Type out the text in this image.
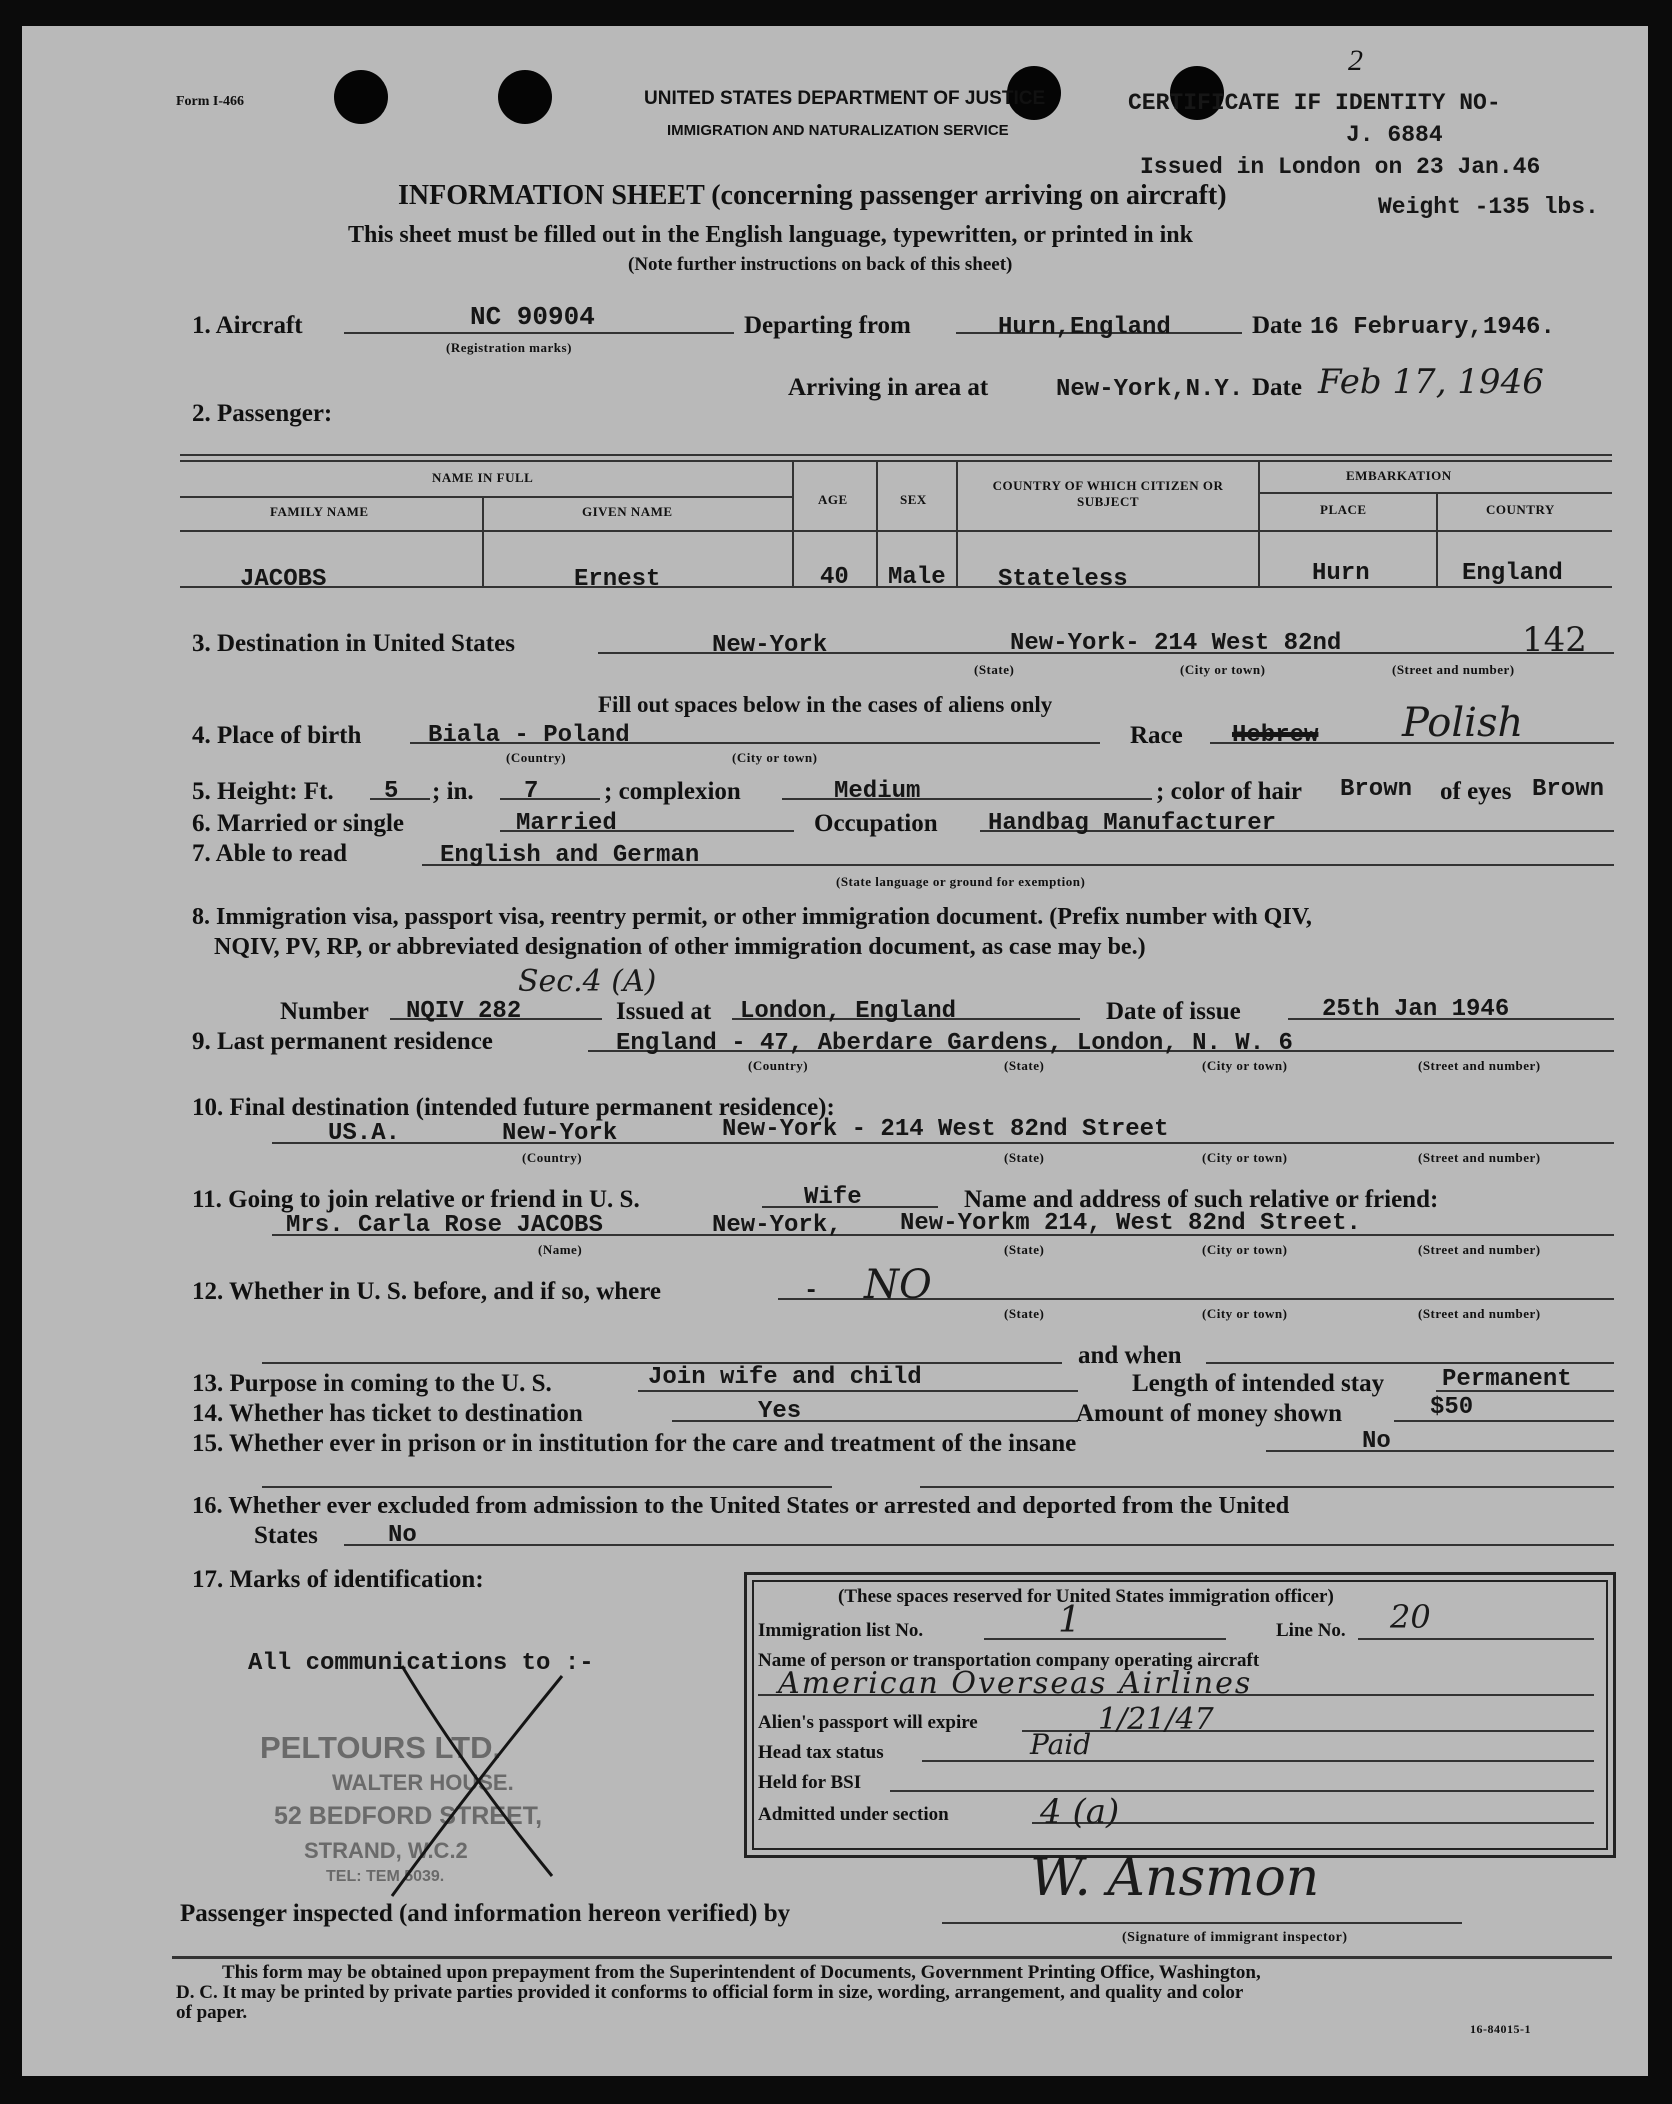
Form I-466	UNITED STATES DEPARTMENT OF JUSTICE
IMMIGRATION AND NATURALIZATION SERVICE
2
CERTIFICATE IF IDENTITY NO-
J. 6884
Issued in London on 23 Jan.46
Weight -135 lbs.
INFORMATION SHEET (concerning passenger arriving on aircraft)
This sheet must be filled out in the English language, typewritten, or printed in ink
(Note further instructions on back of this sheet)
1. Aircraft	NC 90904
(Registration marks)
Departing from	Hurn,England	Date 16 February,1946.
Arriving in area at	New-York,N.Y. Date Feb 17, 1946
2. Passenger:
NAME IN FULL
FAMILY NAME	GIVEN NAME
AGE	SEX
COUNTRY OF WHICH CITIZEN OR SUBJECT
EMBARKATION
PLACE	COUNTRY
JACOBS	Ernest	40 Male Stateless	Hurn	England
3. Destination in United States	New-York	New-York- 214 West 82nd	142
(State)	(City or town)	(Street and number)
Fill out spaces below in the cases of aliens only
4. Place of birth	Biala - Poland
(Country)	(City or town)
Race Hebrew Polish
5. Height: Ft. 5 ; in. 7	; complexion	Medium	; color of hair Brown of eyes Brown
6. Married or single	Married	Occupation Handbag Manufacturer
7. Able to read	English and German
(State language or ground for exemption)
8. Immigration visa, passport visa, reentry permit, or other immigration document. (Prefix number with QIV,
NQIV, PV, RP, or abbreviated designation of other immigration document, as case may be.)
Sec.4 (A)
Number NQIV 282	Issued at London, England	Date of issue	25th Jan 1946
9. Last permanent residence	England - 47, Aberdare Gardens, London, N. W. 6
(Country)	(State)	(City or town)	(Street and number)
10. Final destination (intended future permanent residence):
US.A.	New-York	New-York - 214 West 82nd Street
(Country)	(State)	(City or town)	(Street and number)
11. Going to join relative or friend in U. S.	Wife	Name and address of such relative or friend:
Mrs. Carla Rose JACOBS	New-York, New-Yorkm 214, West 82nd Street.
(Name)	(State)	(City or town)	(Street and number)
12. Whether in U. S. before, and if so, where	- NO
(State)	(City or town)	(Street and number)
and when
13. Purpose in coming to the U. S.	Join wife and child	Length of intended stay Permanent
14. Whether has ticket to destination	Yes	Amount of money shown	$50
15. Whether ever in prison or in institution for the care and treatment of the insane	No
16. Whether ever excluded from admission to the United States or arrested and deported from the United
States	No
17. Marks of identification:
All communications to :-
PELTOURS LTD.
WALTER HOUSE.
52 BEDFORD STREET,
STRAND, W.C.2
TEL: TEM 5039.
(These spaces reserved for United States immigration officer)
Immigration list No.	1	Line No. 20
Name of person or transportation company operating aircraft
American Overseas Airlines
Alien's passport will expire	1/21/47
Head tax status	Paid
Held for BSI
Admitted under section	4 (a)
Passenger inspected (and information hereon verified) by
W. Ansmon
(Signature of immigrant inspector)
This form may be obtained upon prepayment from the Superintendent of Documents, Government Printing Office, Washington,
D. C. It may be printed by private parties provided it conforms to official form in size, wording, arrangement, and quality and color
of paper.
16-84015-1
